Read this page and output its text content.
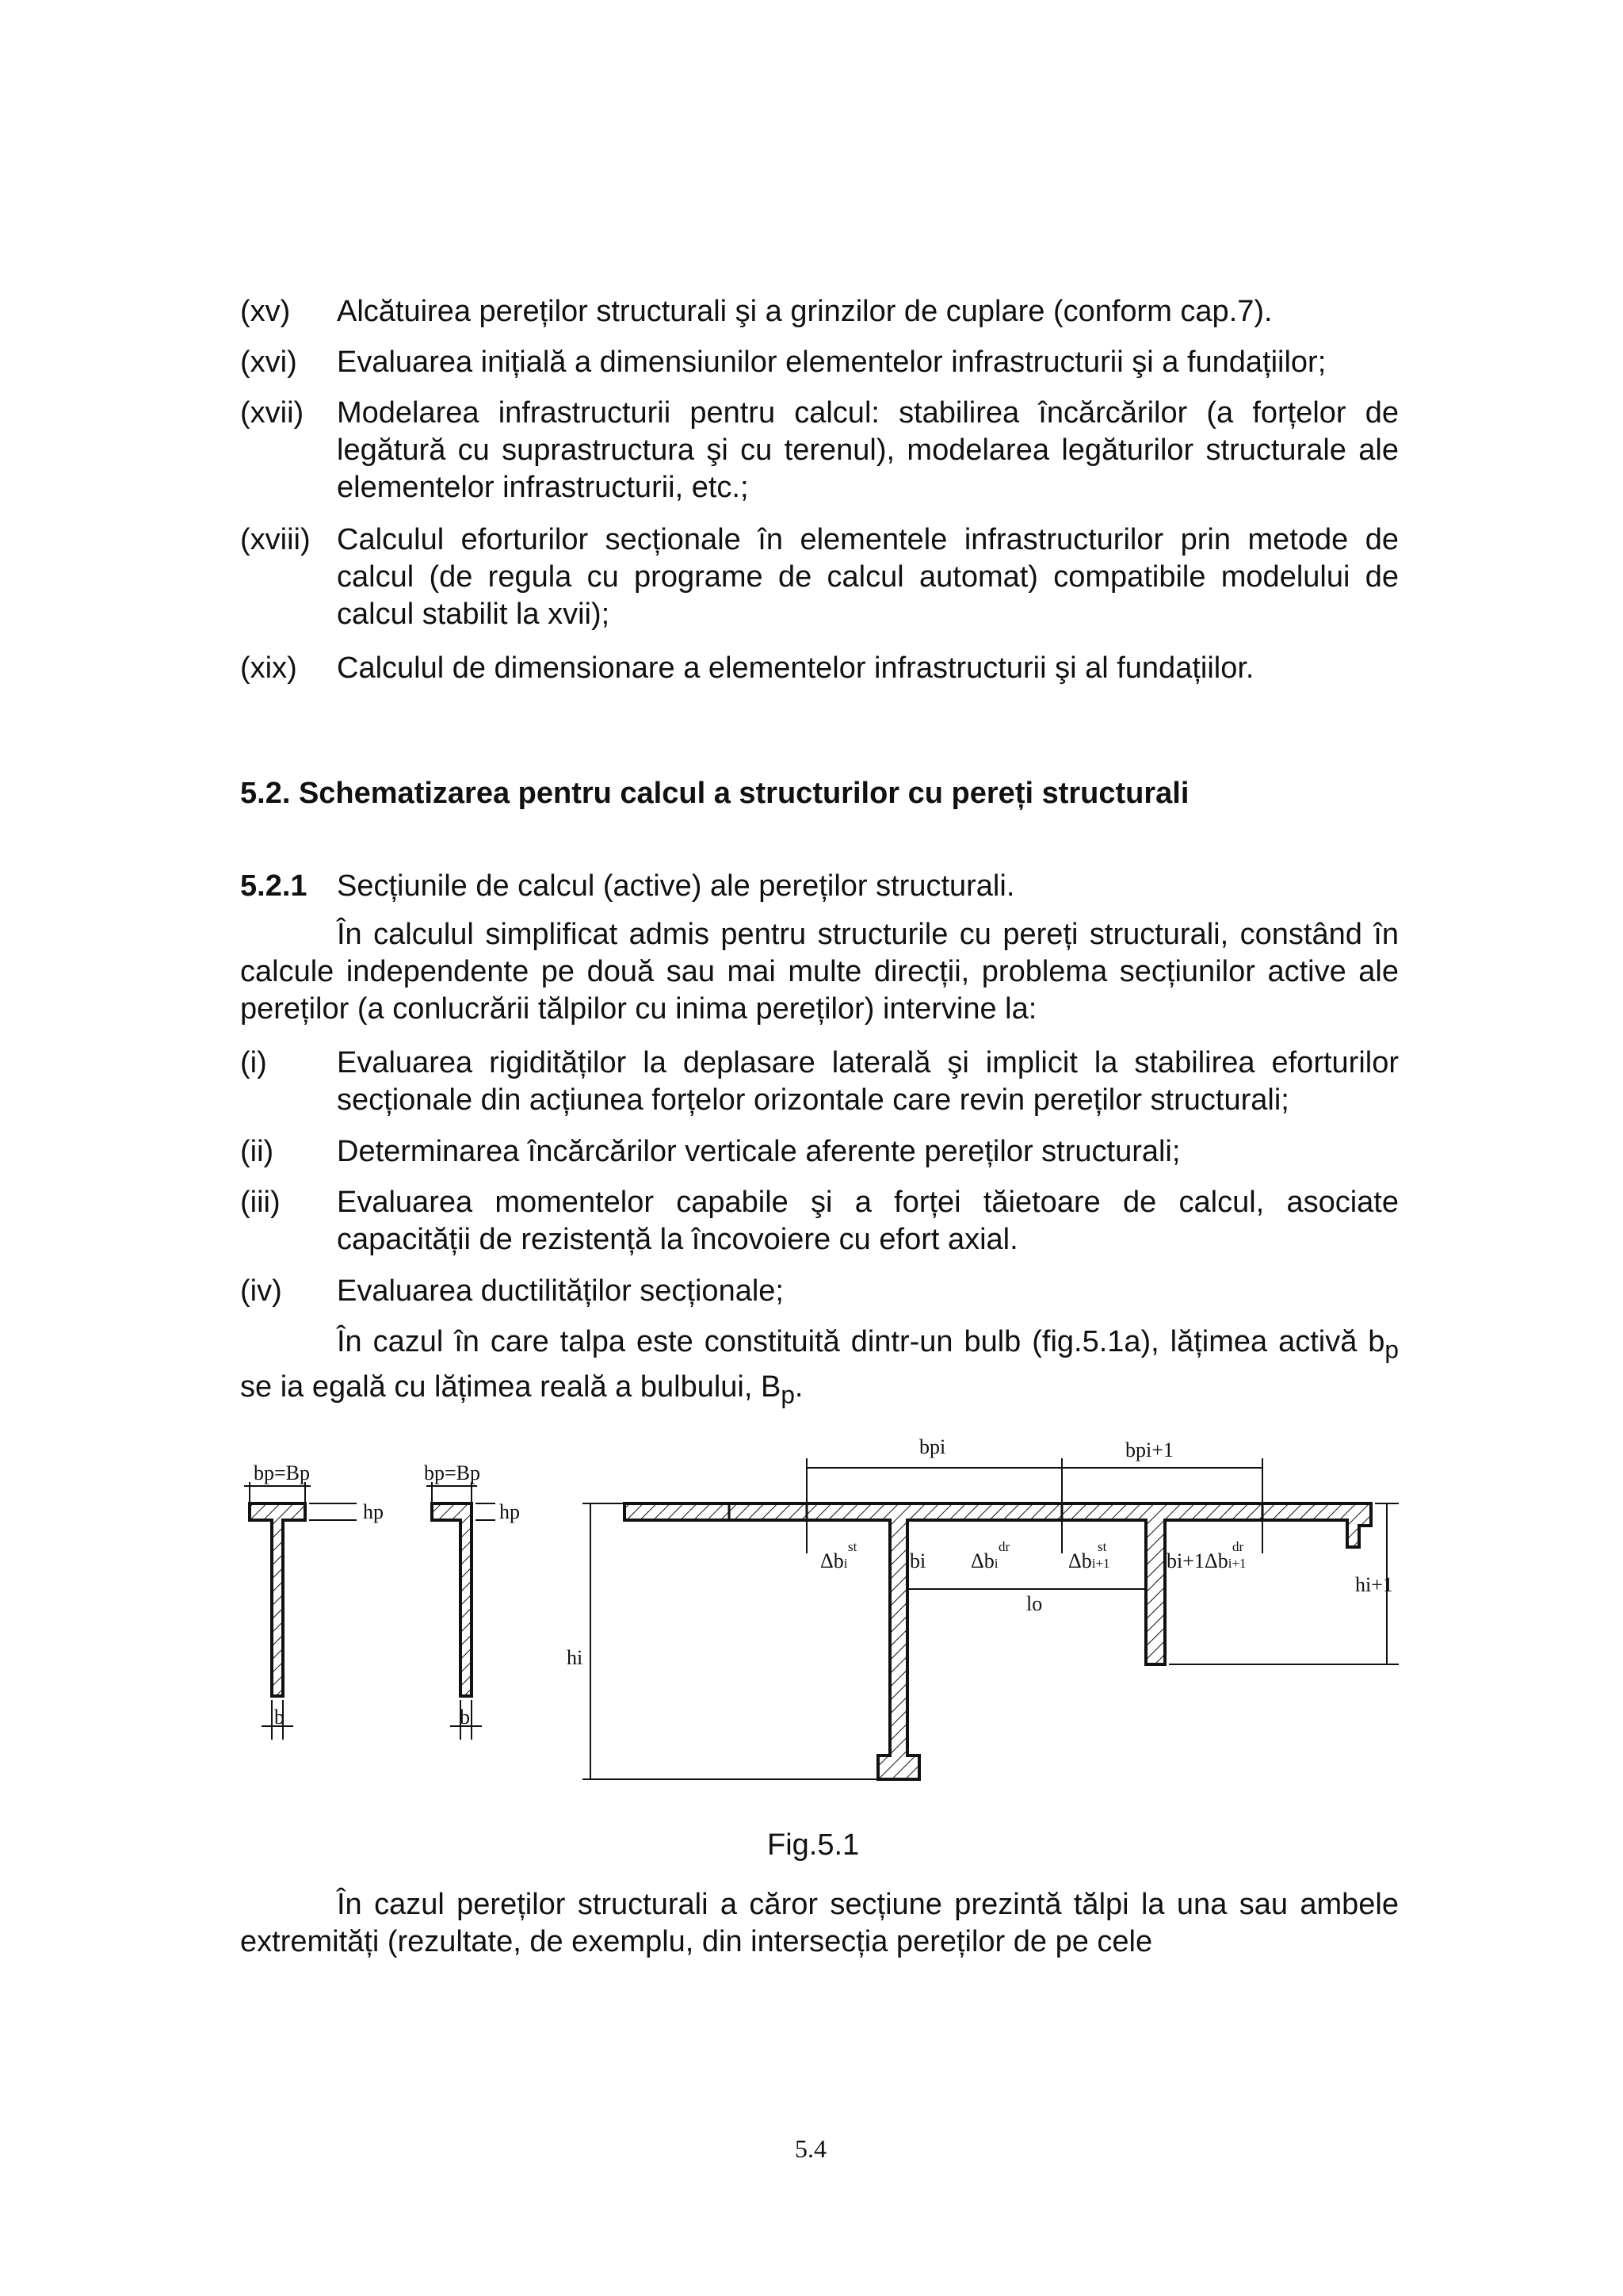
(xv) Alcătuirea pereților structurali şi a grinzilor de cuplare (conform cap.7).
(xvi) Evaluarea inițială a dimensiunilor elementelor infrastructurii şi a fundațiilor;
(xvii) Modelarea infrastructurii pentru calcul: stabilirea încărcărilor (a forțelor de legătură cu suprastructura şi cu terenul), modelarea legăturilor structurale ale elementelor infrastructurii, etc.;
(xviii) Calculul eforturilor secționale în elementele infrastructurilor prin metode de calcul (de regula cu programe de calcul automat) compatibile modelului de calcul stabilit la xvii);
(xix) Calculul de dimensionare a elementelor infrastructurii şi al fundațiilor.
5.2. Schematizarea pentru calcul a structurilor cu pereți structurali
5.2.1 Secțiunile de calcul (active) ale pereților structurali.
În calculul simplificat admis pentru structurile cu pereți structurali, constând în calcule independente pe două sau mai multe direcții, problema secțiunilor active ale pereților (a conlucrării tălpilor cu inima pereților) intervine la:
(i) Evaluarea rigidităților la deplasare laterală şi implicit la stabilirea eforturilor secționale din acțiunea forțelor orizontale care revin pereților structurali;
(ii) Determinarea încărcărilor verticale aferente pereților structurali;
(iii) Evaluarea momentelor capabile şi a forței tăietoare de calcul, asociate capacității de rezistență la încovoiere cu efort axial.
(iv) Evaluarea ductilităților secționale;
În cazul în care talpa este constituită dintr-un bulb (fig.5.1a), lățimea activă $b_p$ se ia egală cu lățimea reală a bulbului, $B_p$.
bp=Bp
hp
b
bp=Bp
hp
b
bpi	bpi+1
Δbi
st
bi Δbi
dr
Δbi+1
st
bi+1 Δbi+1
dr
lo
hi
hi+1
Fig.5.1
În cazul pereților structurali a căror secțiune prezintă tălpi la una sau ambele extremități (rezultate, de exemplu, din intersecția pereților de pe cele
5.4
